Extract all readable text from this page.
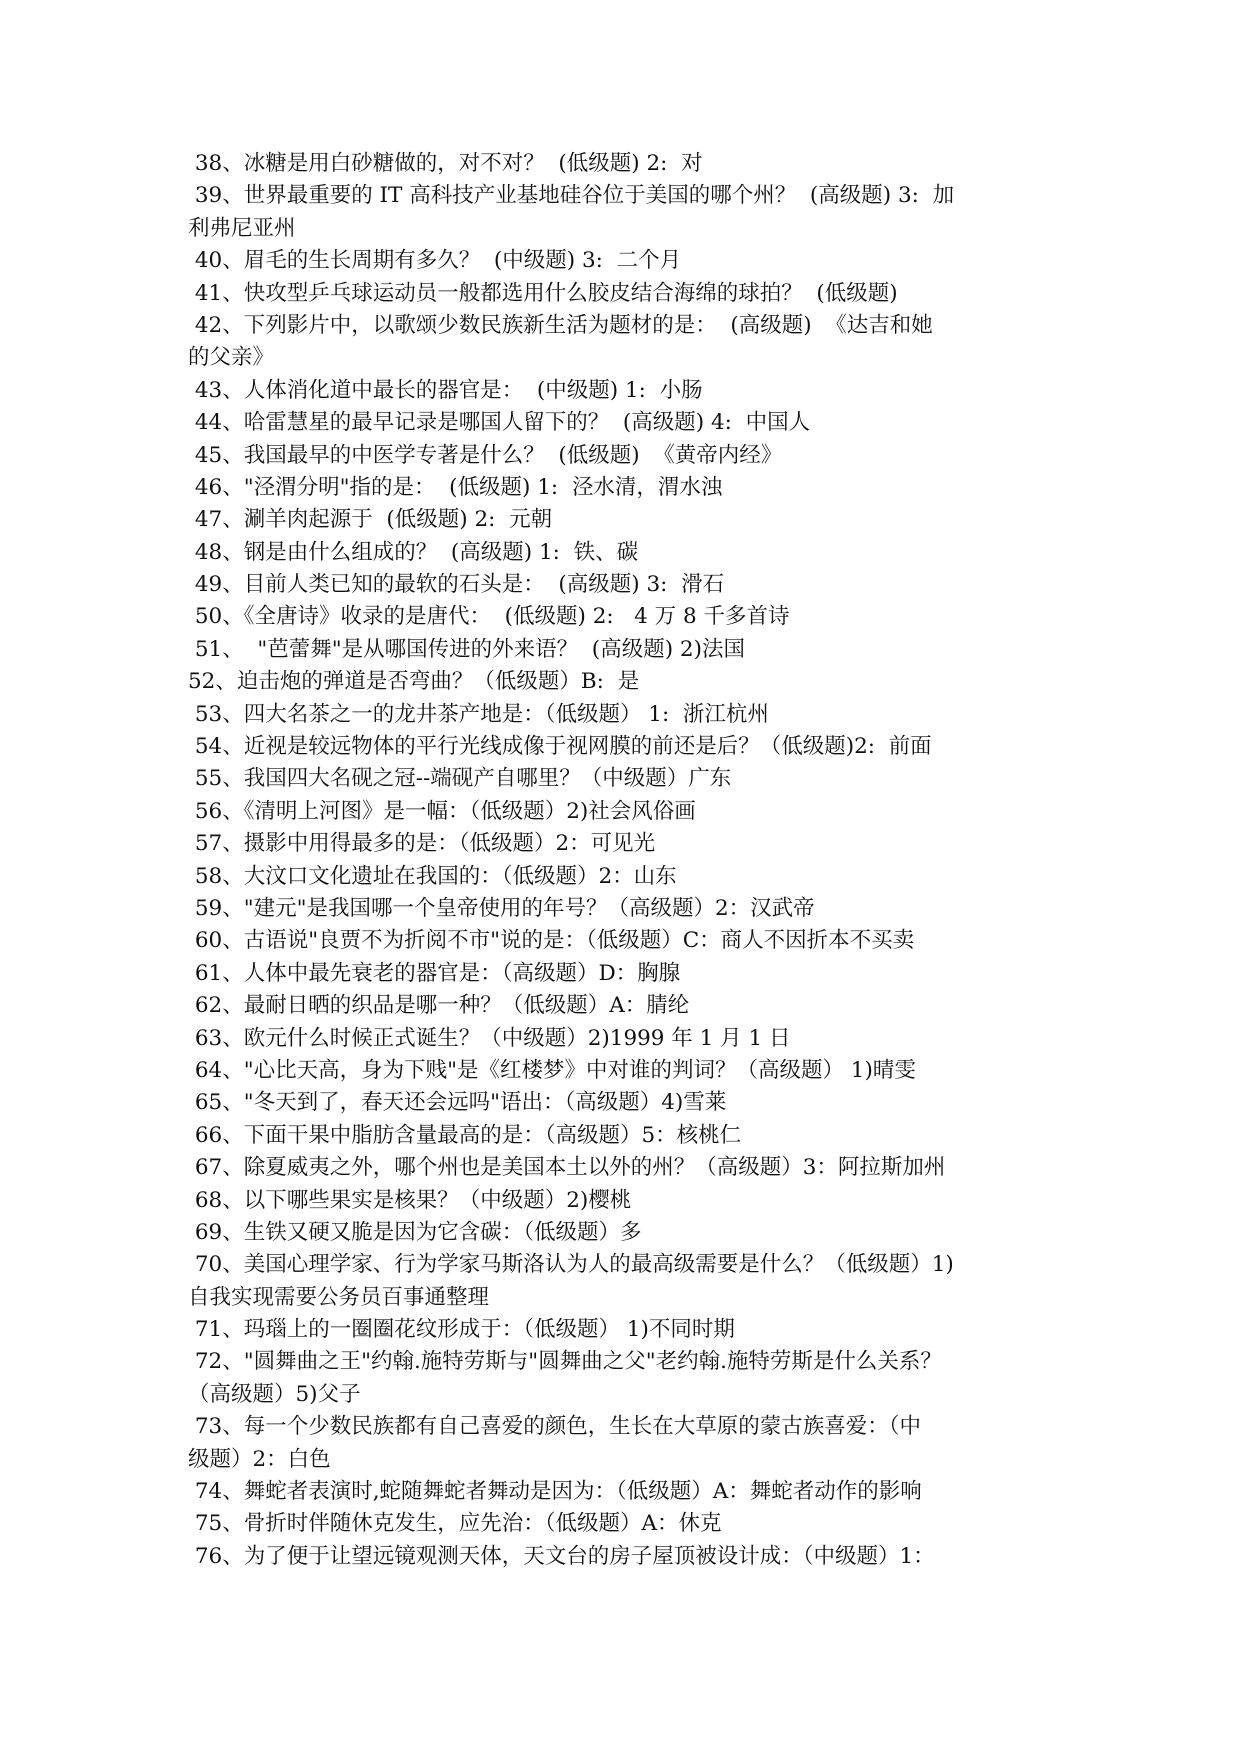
38、冰糖是用白砂糖做的，对不对？  (低级题) 2:  对
39、世界最重要的 IT 高科技产业基地硅谷位于美国的哪个州？  (高级题) 3:  加
利弗尼亚州
40、眉毛的生长周期有多久？  (中级题) 3:  二个月
41、快攻型乒乓球运动员一般都选用什么胶皮结合海绵的球拍？  (低级题)
42、下列影片中，以歌颂少数民族新生活为题材的是：  (高级题)  《达吉和她
的父亲》
43、人体消化道中最长的器官是：  (中级题) 1:  小肠
44、哈雷慧星的最早记录是哪国人留下的？  (高级题) 4:  中国人
45、我国最早的中医学专著是什么？  (低级题)  《黄帝内经》
46、"泾渭分明"指的是：  (低级题) 1:  泾水清，渭水浊
47、涮羊肉起源于  (低级题) 2:  元朝
48、钢是由什么组成的？  (高级题) 1:  铁、碳
49、目前人类已知的最软的石头是：  (高级题) 3:  滑石
50、《全唐诗》收录的是唐代：  (低级题) 2:   4 万 8 千多首诗
51、  "芭蕾舞"是从哪国传进的外来语？  (高级题) 2)法国
52、迫击炮的弹道是否弯曲？（低级题）B:  是
53、四大名茶之一的龙井茶产地是：（低级题） 1:  浙江杭州
54、近视是较远物体的平行光线成像于视网膜的前还是后？（低级题)2:  前面
55、我国四大名砚之冠--端砚产自哪里？（中级题）广东
56、《清明上河图》是一幅：（低级题）2)社会风俗画
57、摄影中用得最多的是：（低级题）2：可见光
58、大汶口文化遗址在我国的：（低级题）2：山东
59、"建元"是我国哪一个皇帝使用的年号？（高级题）2：汉武帝
60、古语说"良贾不为折阅不市"说的是：（低级题）C：商人不因折本不买卖
61、人体中最先衰老的器官是：（高级题）D：胸腺
62、最耐日晒的织品是哪一种？（低级题）A：腈纶
63、欧元什么时候正式诞生？（中级题）2)1999 年 1 月 1 日
64、"心比天高，身为下贱"是《红楼梦》中对谁的判词？（高级题） 1)晴雯
65、"冬天到了，春天还会远吗"语出：（高级题）4)雪莱
66、下面干果中脂肪含量最高的是：（高级题）5：核桃仁
67、除夏威夷之外，哪个州也是美国本土以外的州？（高级题）3：阿拉斯加州
68、以下哪些果实是核果？（中级题）2)樱桃
69、生铁又硬又脆是因为它含碳：（低级题）多
70、美国心理学家、行为学家马斯洛认为人的最高级需要是什么？（低级题）1)
自我实现需要公务员百事通整理
71、玛瑙上的一圈圈花纹形成于：（低级题） 1)不同时期
72、"圆舞曲之王"约翰.施特劳斯与"圆舞曲之父"老约翰.施特劳斯是什么关系？
（高级题）5)父子
73、每一个少数民族都有自己喜爱的颜色，生长在大草原的蒙古族喜爱：（中
级题）2：白色
74、舞蛇者表演时,蛇随舞蛇者舞动是因为：（低级题）A：舞蛇者动作的影响
75、骨折时伴随休克发生，应先治：（低级题）A：休克
76、为了便于让望远镜观测天体，天文台的房子屋顶被设计成：（中级题）1：
